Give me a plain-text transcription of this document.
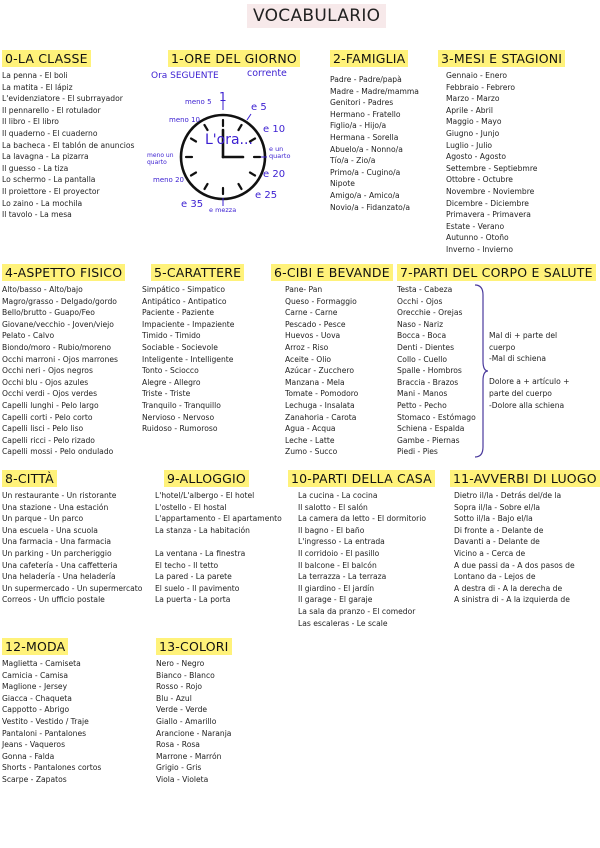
VOCABULARIO
0-LA CLASSE
La penna - El boli
La matita - El lápiz
L'evidenziatore - El subrrayador
Il pennarello - El rotulador
Il libro - El libro
Il quaderno - El cuaderno
La bacheca - El tablón de anuncios
La lavagna - La pizarra
Il guesso - La tiza
Lo schermo - La pantalla
Il proiettore - El proyector
Lo zaino - La mochila
Il tavolo - La mesa
1-ORE DEL GIORNO
Ora SEGUENTE	corrente
L'ora...
1
meno 5
meno 10
meno un quarto
meno 20
e 35 e mezza
e 25
e 20
e un quarto
e 10
e 5
2-FAMIGLIA
Padre - Padre/papà
Madre - Madre/mamma
Genitori - Padres
Hermano - Fratello
Figlio/a - Hijo/a
Hermana - Sorella
Abuelo/a - Nonno/a
Tío/a - Zio/a
Primo/a - Cugino/a
Nipote
Amigo/a - Amico/a
Novio/a - Fidanzato/a
3-MESI E STAGIONI
Gennaio - Enero
Febbraio - Febrero
Marzo - Marzo
Aprile - Abril
Maggio - Mayo
Giugno - Junjo
Luglio - Julio
Agosto - Agosto
Settembre - Septiebmre
Ottobre - Octubre
Novembre - Noviembre
Dicembre - Diciembre
Primavera - Primavera
Estate - Verano
Autunno - Otoño
Inverno - Invierno
4-ASPETTO FISICO
Alto/basso - Alto/bajo
Magro/grasso - Delgado/gordo
Bello/brutto - Guapo/Feo
Giovane/vecchio - Joven/viejo
Pelato - Calvo
Biondo/moro - Rubio/moreno
Occhi marroni - Ojos marrones
Occhi neri - Ojos negros
Occhi blu - Ojos azules
Occhi verdi - Ojos verdes
Capelli lunghi - Pelo largo
Capelli corti - Pelo corto
Capelli lisci - Pelo liso
Capelli ricci - Pelo rizado
Capelli mossi - Pelo ondulado
5-CARATTERE
Simpático - Simpatico
Antipático - Antipatico
Paciente - Paziente
Impaciente - Impaziente
Timido - Timido
Sociable - Socievole
Inteligente - Intelligente
Tonto - Sciocco
Alegre - Allegro
Triste - Triste
Tranquilo - Tranquillo
Nervioso - Nervoso
Ruidoso - Rumoroso
6-CIBI E BEVANDE
Pane- Pan
Queso - Formaggio
Carne - Carne
Pescado - Pesce
Huevos - Uova
Arroz - Riso
Aceite - Olio
Azúcar - Zucchero
Manzana - Mela
Tomate - Pomodoro
Lechuga - Insalata
Zanahoria - Carota
Agua - Acqua
Leche - Latte
Zumo - Succo
7-PARTI DEL CORPO E SALUTE
Testa - Cabeza
Occhi - Ojos
Orecchie - Orejas
Naso - Nariz
Bocca - Boca
Denti - Dientes
Collo - Cuello
Spalle - Hombros
Braccia - Brazos
Mani - Manos
Petto - Pecho
Stomaco - Estómago
Schiena - Espalda
Gambe - Piernas
Piedi - Pies
Mal di + parte del
cuerpo
-Mal di schiena
Dolore a + artículo +
parte del cuerpo
-Dolore alla schiena
8-CITTÀ
Un restaurante - Un ristorante
Una stazione - Una estación
Un parque - Un parco
Una escuela - Una scuola
Una farmacia - Una farmacia
Un parking - Un parcheriggio
Una cafetería - Una caffetteria
Una heladería - Una heladería
Un supermercado - Un supermercato
Correos - Un ufficio postale
9-ALLOGGIO
L'hotel/L'albergo - El hotel
L'ostello - El hostal
L'appartamento - El apartamento
La stanza - La habitación
La ventana - La finestra
El techo - Il tetto
La pared - La parete
El suelo - Il pavimento
La puerta - La porta
10-PARTI DELLA CASA
La cucina - La cocina
Il salotto - El salón
La camera da letto - El dormitorio
Il bagno - El baño
L'ingresso - La entrada
Il corridoio - El pasillo
Il balcone - El balcón
La terrazza - La terraza
Il giardino - El jardín
Il garage - El garaje
La sala da pranzo - El comedor
Las escaleras - Le scale
11-AVVERBI DI LUOGO
Dietro il/la - Detrás del/de la
Sopra il/la - Sobre el/la
Sotto il/la - Bajo el/la
Di fronte a - Delante de
Davanti a - Delante de
Vicino a - Cerca de
A due passi da - A dos pasos de
Lontano da - Lejos de
A destra di - A la derecha de
A sinistra di - A la izquierda de
12-MODA
Maglietta - Camiseta
Camicia - Camisa
Maglione - Jersey
Giacca - Chaqueta
Cappotto - Abrigo
Vestito - Vestido / Traje
Pantaloni - Pantalones
Jeans - Vaqueros
Gonna - Falda
Shorts - Pantalones cortos
Scarpe - Zapatos
13-COLORI
Nero - Negro
Bianco - Blanco
Rosso - Rojo
Blu - Azul
Verde - Verde
Giallo - Amarillo
Arancione - Naranja
Rosa - Rosa
Marrone - Marrón
Grigio - Gris
Viola - Violeta
